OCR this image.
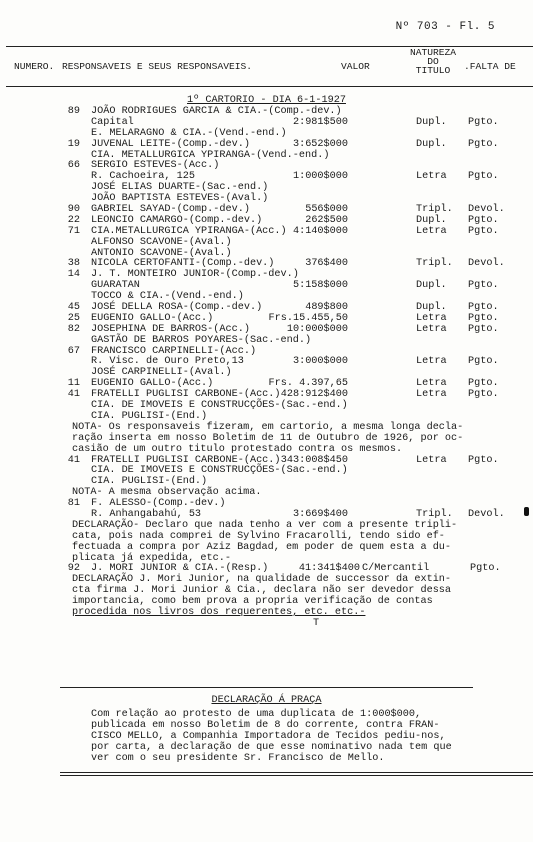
Nº 703 - Fl. 5
NUMERO. RESPONSAVEIS E SEUS RESPONSAVEIS.	VALOR
NATUREZA
DO
TITULO	.FALTA DE
1º CARTORIO - DIA 6-1-1927
89 JOÃO RODRIGUES GARCIA & CIA.-(Comp.-dev.)
Capital	2:981$500	Dupl. Pgto.
E. MELARAGNO & CIA.-(Vend.-end.)
19 JUVENAL LEITE-(Comp.-dev.)	3:652$000	Dupl. Pgto.
CIA. METALLURGICA YPIRANGA-(Vend.-end.)
66 SERGIO ESTEVES-(Acc.)
R. Cachoeira, 125	1:000$000	Letra Pgto.
JOSÉ ELIAS DUARTE-(Sac.-end.)
JOÃO BAPTISTA ESTEVES-(Aval.)
90 GABRIEL SAYAD-(Comp.-dev.)	556$000	Tripl. Devol.
22 LEONCIO CAMARGO-(Comp.-dev.)	262$500	Dupl. Pgto.
71 CIA.METALLURGICA YPIRANGA-(Acc.) 4:140$000	Letra Pgto.
ALFONSO SCAVONE-(Aval.)
ANTONIO SCAVONE-(Aval.)
38 NICOLA CERTOFANTI-(Comp.-dev.)	376$400	Tripl. Devol.
14 J. T. MONTEIRO JUNIOR-(Comp.-dev.)
GUARATAN	5:158$000	Dupl. Pgto.
TOCCO & CIA.-(Vend.-end.)
45 JOSÉ DELLA ROSA-(Comp.-dev.)	489$800	Dupl. Pgto.
25 EUGENIO GALLO-(Acc.)	Frs.15.455,50	Letra Pgto.
82 JOSEPHINA DE BARROS-(Acc.)	10:000$000	Letra Pgto.
GASTÃO DE BARROS POYARES-(Sac.-end.)
67 FRANCISCO CARPINELLI-(Acc.)
R. Visc. de Ouro Preto,13	3:000$000	Letra Pgto.
JOSÉ CARPINELLI-(Aval.)
11 EUGENIO GALLO-(Acc.)	Frs. 4.397,65	Letra Pgto.
41 FRATELLI PUGLISI CARBONE-(Acc.) 428:912$400	Letra Pgto.
CIA. DE IMOVEIS E CONSTRUCÇÕES-(Sac.-end.)
CIA. PUGLISI-(End.)
NOTA- Os responsaveis fizeram, em cartorio, a mesma longa decla-
ração inserta em nosso Boletim de 11 de Outubro de 1926, por oc-
casião de um outro titulo protestado contra os mesmos.
41 FRATELLI PUGLISI CARBONE-(Acc.) 343:008$450	Letra Pgto.
CIA. DE IMOVEIS E CONSTRUCÇÕES-(Sac.-end.)
CIA. PUGLISI-(End.)
NOTA- A mesma observação acima.
81 F. ALESSO-(Comp.-dev.)
R. Anhangabahú, 53	3:669$400	Tripl. Devol.
DECLARAÇÃO- Declaro que nada tenho a ver com a presente tripli-
cata, pois nada comprei de Sylvino Fracarolli, tendo sido ef-
fectuada a compra por Aziz Bagdad, em poder de quem esta a du-
plicata já expedida, etc.-
92 J. MORI JUNIOR & CIA.-(Resp.)	41:341$400 C/Mercantil	Pgto.
DECLARAÇÃO J. Mori Junior, na qualidade de successor da extin-
cta firma J. Mori Junior & Cia., declara não ser devedor dessa
importancia, como bem prova a propria verificação de contas
procedida nos livros dos requerentes, etc. etc.-
T
DECLARAÇÃO Á PRAÇA
Com relação ao protesto de uma duplicata de 1:000$000,
publicada em nosso Boletim de 8 do corrente, contra FRAN-
CISCO MELLO, a Companhia Importadora de Tecidos pediu-nos,
por carta, a declaração de que esse nominativo nada tem que
ver com o seu presidente Sr. Francisco de Mello.
